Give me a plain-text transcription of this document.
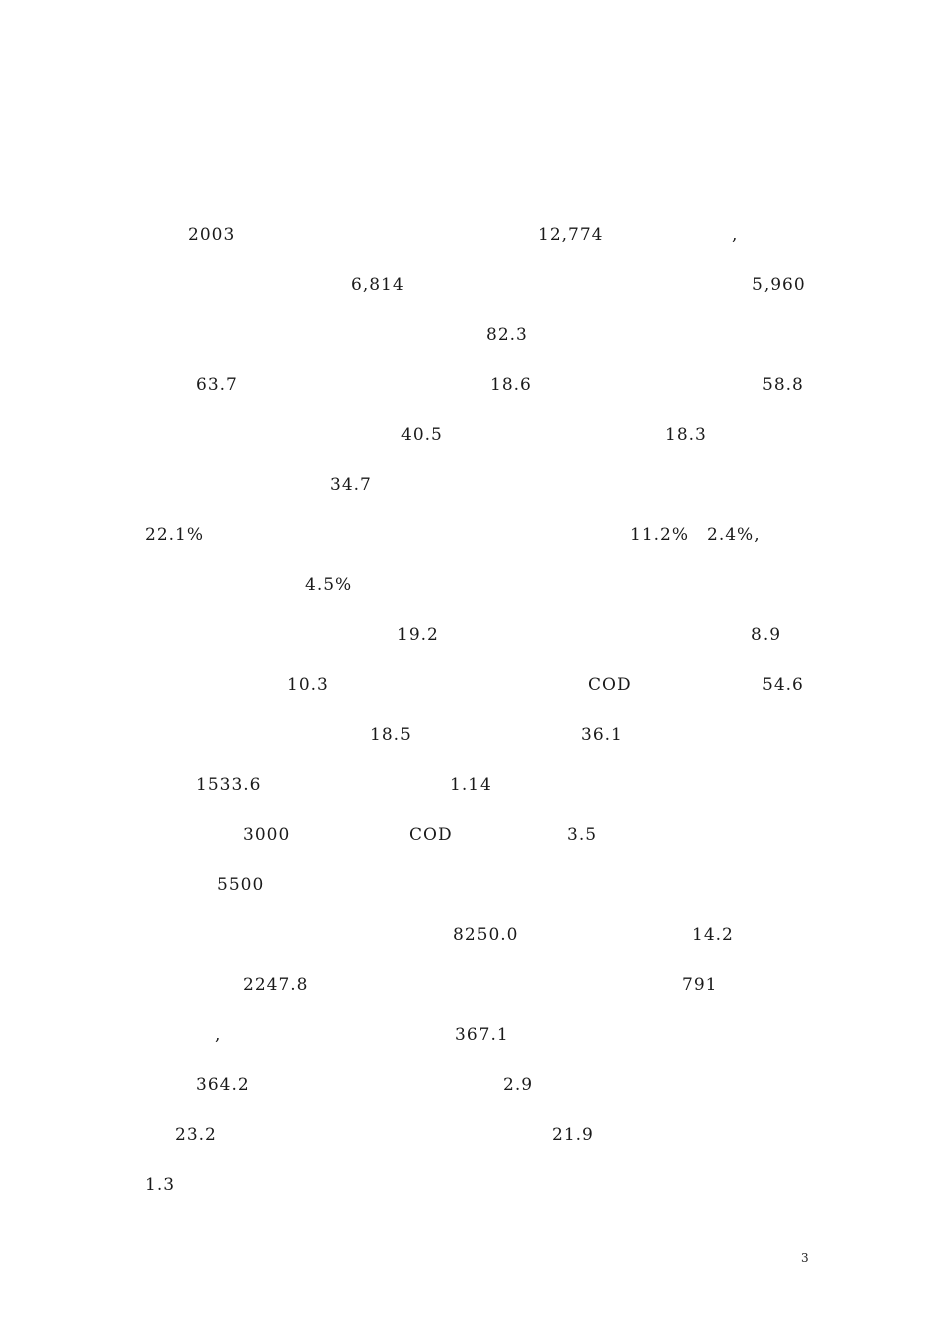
2003　　　　　　　　　　　　	12,774　　　　　　 ,　　　

6,814　　　　　　　　　　　　　　　	5,960

82.3　　　　　　　　　　　　　

63.7　　　
　　　　　　　　	18.6　　　
　　　　　　　	58.8

40.5　　　　　　　　　	18.3　　　　

34.7　　　　　　　　　　　　　　　　　　　　
22.1%　　　　　　　　　　　　　　　　　　　	11.2%　 2.4%,　　

4.5%　

19.2　　　

　　　　　　	8.9　　　

10.3　　　
　　　　　　　　	　COD　
　　　　　	54.6

18.5　　　　　　　	36.1　　　　　　　　

1533.6　　　　　　　　	1.14　　　　　　　　　　　　　　　

3000　　　　　 COD　　　　　 3.5　　　　　　　　　

5500　　　

8250.0
　　　　　　　	14.2　　　

2247.8　　　　　　　　　　　　　　　　	791　　　　　

,　　　　　　　　　　	367.1　　　　　　　　　　　　　　

364.2　　　
　　　　　　　　	2.9　　　

23.2
　　　　　　　　　　　　　　	21.9

1.3　　　
3
